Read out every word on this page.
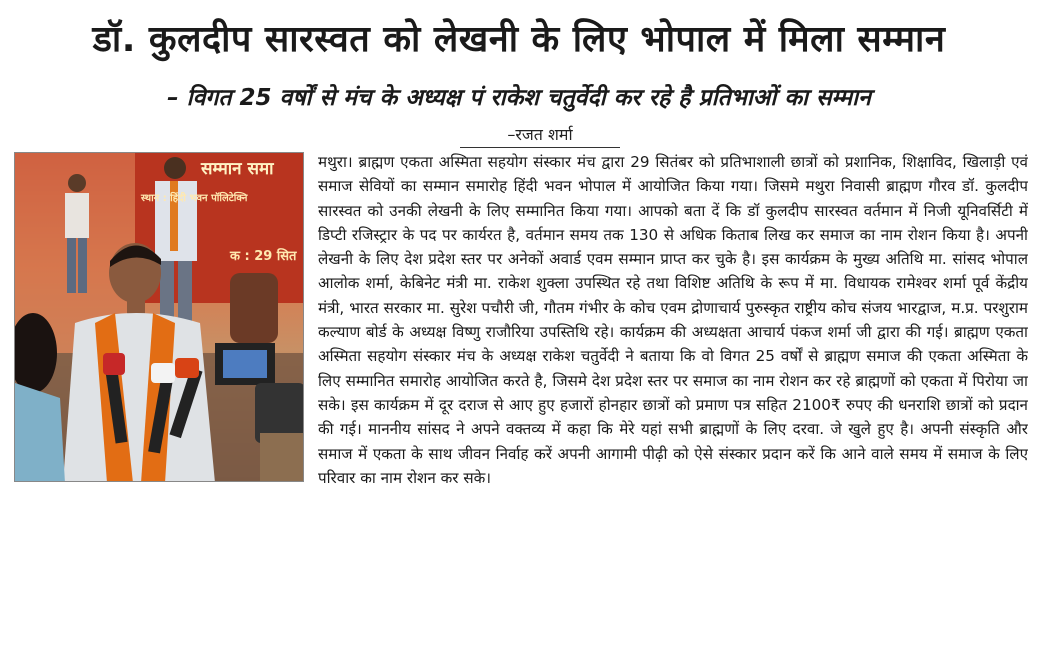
डॉ. कुलदीप सारस्वत को लेखनी के लिए भोपाल में मिला सम्मान
– विगत 25 वर्षों से मंच के अध्यक्ष पं राकेश चतुर्वेदी कर रहे है प्रतिभाओं का सम्मान
–रजत शर्मा
सम्मान समा
स्थान : हिंदी भवन पॉलिटेक्नि
क : 29 सित

मथुरा। ब्राह्मण एकता अस्मिता सहयोग संस्कार मंच द्वारा 29 सितंबर को प्रतिभाशाली छात्रों को प्रशानिक, शिक्षाविद, खिलाड़ी एवं समाज सेवियों का सम्मान समारोह हिंदी भवन भोपाल में आयोजित किया गया। जिसमे मथुरा निवासी ब्राह्मण गौरव डॉ. कुलदीप सारस्वत को उनकी लेखनी के लिए सम्मानित किया गया। आपको बता दें कि डॉ कुलदीप सारस्वत वर्तमान में निजी यूनिवर्सिटी में डिप्टी रजिस्ट्रार के पद पर कार्यरत है, वर्तमान समय तक 130 से अधिक किताब लिख कर समाज का नाम रोशन किया है। अपनी लेखनी के लिए देश प्रदेश स्तर पर अनेकों अवार्ड एवम सम्मान प्राप्त कर चुके है। इस कार्यक्रम के मुख्य अतिथि मा. सांसद भोपाल आलोक शर्मा, केबिनेट मंत्री मा. राकेश शुक्ला उपस्थित रहे तथा विशिष्ट अतिथि के रूप में मा. विधायक रामेश्वर शर्मा पूर्व केंद्रीय मंत्री, भारत सरकार मा. सुरेश पचौरी जी, गौतम गंभीर के कोच एवम द्रोणाचार्य पुरुस्कृत राष्ट्रीय कोच संजय भारद्वाज, म.प्र. परशुराम कल्याण बोर्ड के अध्यक्ष विष्णु राजौरिया उपस्तिथि रहे। कार्यक्रम की अध्यक्षता आचार्य पंकज शर्मा जी द्वारा की गई। ब्राह्मण एकता अस्मिता सहयोग संस्कार मंच के अध्यक्ष राकेश चतुर्वेदी ने बताया कि वो विगत 25 वर्षों से ब्राह्मण समाज की एकता अस्मिता के लिए सम्मानित समारोह आयोजित करते है, जिसमे देश प्रदेश स्तर पर समाज का नाम रोशन कर रहे ब्राह्मणों को एकता में पिरोया जा सके। इस कार्यक्रम में दूर दराज से आए हुए हजारों होनहार छात्रों को प्रमाण पत्र सहित 2100₹ रुपए की धनराशि छात्रों को प्रदान की गई। माननीय सांसद ने अपने वक्तव्य में कहा कि मेरे यहां सभी ब्राह्मणों के लिए दरवा. जे खुले हुए है। अपनी संस्कृति और समाज में एकता के साथ जीवन निर्वाह करें अपनी आगामी पीढ़ी को ऐसे संस्कार प्रदान करें कि आने वाले समय में समाज के लिए परिवार का नाम रोशन कर सके।
